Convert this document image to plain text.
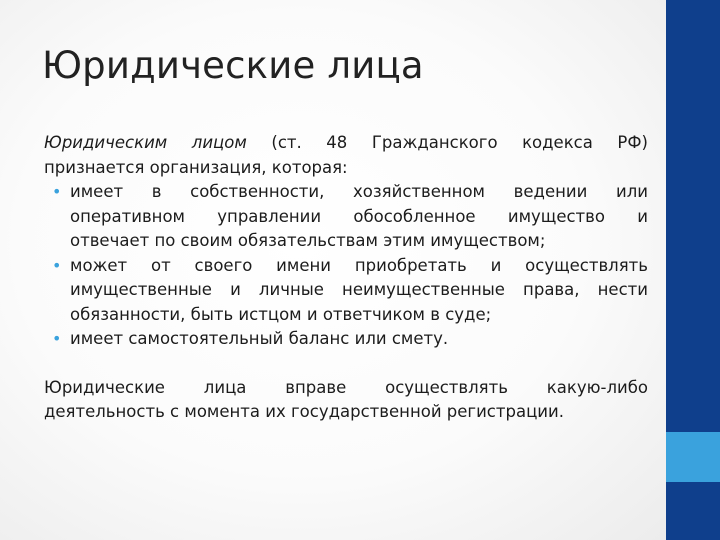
Юридические лица
Юридическим лицом (ст. 48 Гражданского кодекса РФ)
признается организация, которая:
• имеет в собственности, хозяйственном ведении или
оперативном управлении обособленное имущество и
отвечает по своим обязательствам этим имуществом;
• может от своего имени приобретать и осуществлять
имущественные и личные неимущественные права, нести
обязанности, быть истцом и ответчиком в суде;
• имеет самостоятельный баланс или смету.
Юридические лица вправе осуществлять какую-либо
деятельность с момента их государственной регистрации.
